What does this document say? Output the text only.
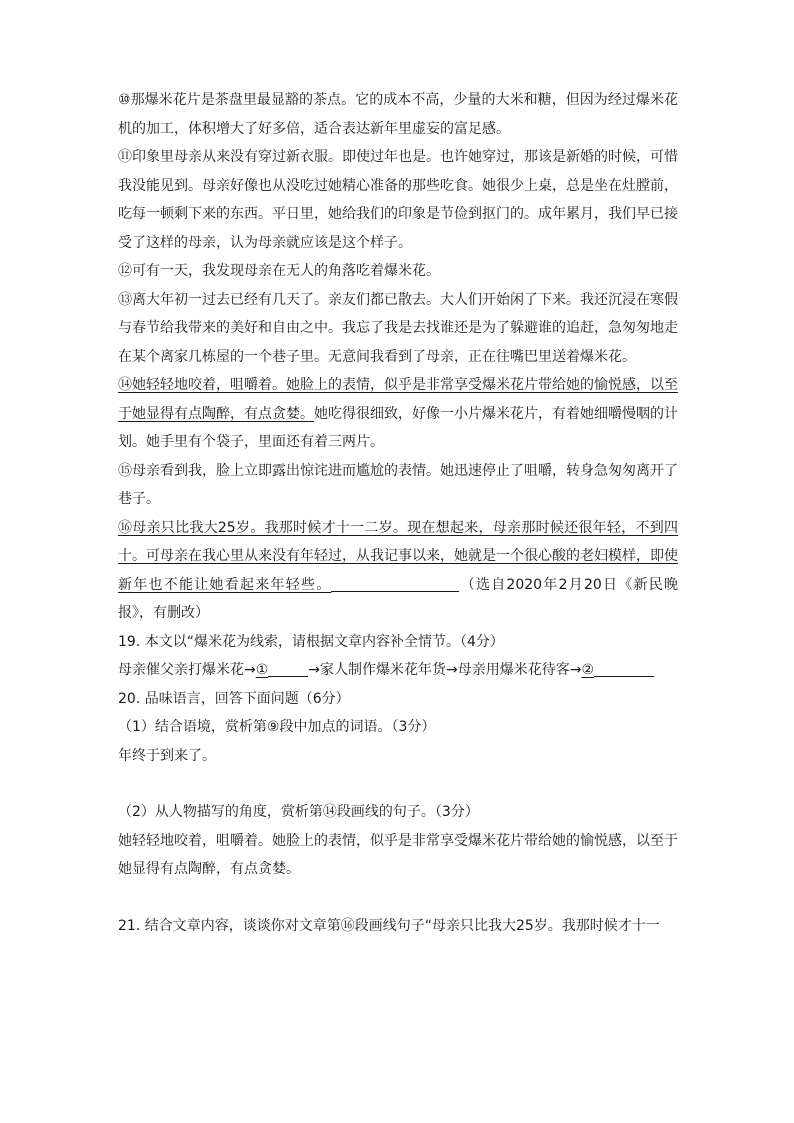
⑩那爆米花片是茶盘里最显豁的茶点。它的成本不高，少量的大米和糖，但因为经过爆米花机的加工，体积增大了好多倍，适合表达新年里虚妄的富足感。

⑪印象里母亲从来没有穿过新衣服。即使过年也是。也许她穿过，那该是新婚的时候，可惜我没能见到。母亲好像也从没吃过她精心准备的那些吃食。她很少上桌，总是坐在灶膛前，吃每一顿剩下来的东西。平日里，她给我们的印象是节俭到抠门的。成年累月，我们早已接受了这样的母亲，认为母亲就应该是这个样子。

⑫可有一天，我发现母亲在无人的角落吃着爆米花。

⑬离大年初一过去已经有几天了。亲友们都已散去。大人们开始闲了下来。我还沉浸在寒假与春节给我带来的美好和自由之中。我忘了我是去找谁还是为了躲避谁的追赶，急匆匆地走在某个离家几栋屋的一个巷子里。无意间我看到了母亲，正在往嘴巴里送着爆米花。

⑭她轻轻地咬着，咀嚼着。她脸上的表情，似乎是非常享受爆米花片带给她的愉悦感，以至于她显得有点陶醉，有点贪婪。她吃得很细致，好像一小片爆米花片，有着她细嚼慢咽的计划。她手里有个袋子，里面还有着三两片。

⑮母亲看到我，脸上立即露出惊诧进而尴尬的表情。她迅速停止了咀嚼，转身急匆匆离开了巷子。

⑯母亲只比我大25岁。我那时候才十一二岁。现在想起来，母亲那时候还很年轻，不到四十。可母亲在我心里从来没有年轻过，从我记事以来，她就是一个很心酸的老妇模样，即使新年也不能让她看起来年轻些。	（选自2020年2月20日《新民晚报》，有删改）

19. 本文以“爆米花为线索，请根据文章内容补全情节。（4分）

母亲催父亲打爆米花→①	→家人制作爆米花年货→母亲用爆米花待客→②

20. 品味语言，回答下面问题（6分）

（1）结合语境，赏析第⑨段中加点的词语。（3分）

年终于到来了。

（2）从人物描写的角度，赏析第⑭段画线的句子。（3分）

她轻轻地咬着，咀嚼着。她脸上的表情，似乎是非常享受爆米花片带给她的愉悦感，以至于她显得有点陶醉，有点贪婪。

21. 结合文章内容，谈谈你对文章第⑯段画线句子“母亲只比我大25岁。我那时候才十一
